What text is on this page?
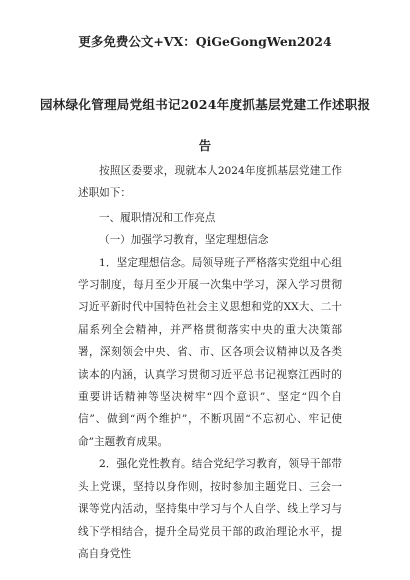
更多免费公文+VX：QiGeGongWen2024
园林绿化管理局党组书记2024年度抓基层党建工作述职报
告

按照区委要求，现就本人2024年度抓基层党建工作述职如下：

一、履职情况和工作亮点

（一）加强学习教育，坚定理想信念

1．坚定理想信念。局领导班子严格落实党组中心组学习制度，每月至少开展一次集中学习，深入学习贯彻习近平新时代中国特色社会主义思想和党的XX大、二十届系列全会精神，并严格贯彻落实中央的重大决策部署，深刻领会中央、省、市、区各项会议精神以及各类读本的内涵，认真学习贯彻习近平总书记视察江西时的重要讲话精神等坚决树牢“四个意识”、坚定“四个自信”、做到“两个维护”，不断巩固“不忘初心、牢记使命”主题教育成果。

2．强化党性教育。结合党纪学习教育，领导干部带头上党课，坚持以身作则，按时参加主题党日、三会一课等党内活动，坚持集中学习与个人自学、线上学习与线下学相结合，提升全局党员干部的政治理论水平，提高自身党性
